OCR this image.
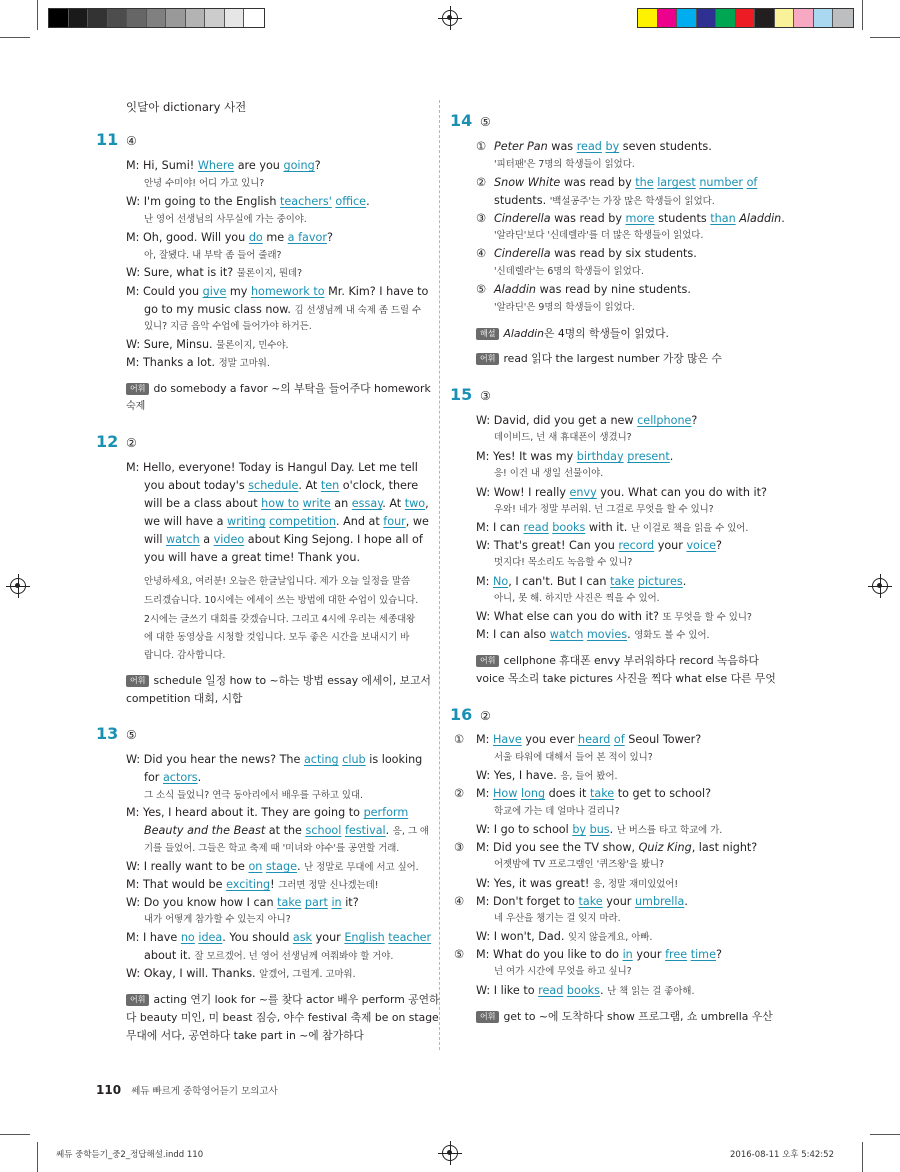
잇달아 dictionary 사전
11 ④
M: Hi, Sumi! Where are you going?
안녕 수미야! 어디 가고 있니?
W: I'm going to the English teachers' office.
난 영어 선생님의 사무실에 가는 중이야.
M: Oh, good. Will you do me a favor?
아, 잘됐다. 내 부탁 좀 들어 줄래?
W: Sure, what is it? 물론이지, 뭔데?
M: Could you give my homework to Mr. Kim? I have to
go to my music class now. 김 선생님께 내 숙제 좀 드릴 수
있니? 지금 음악 수업에 들어가야 하거든.
W: Sure, Minsu. 물론이지, 민수야.
M: Thanks a lot. 정말 고마워.
어휘 do somebody a favor ~의 부탁을 들어주다 homework
숙제
12 ②
M: Hello, everyone! Today is Hangul Day. Let me tell
you about today's schedule. At ten o'clock, there
will be a class about how to write an essay. At two,
we will have a writing competition. And at four, we
will watch a video about King Sejong. I hope all of
you will have a great time! Thank you.
안녕하세요, 여러분! 오늘은 한글날입니다. 제가 오늘 일정을 말씀
드리겠습니다. 10시에는 에세이 쓰는 방법에 대한 수업이 있습니다.
2시에는 글쓰기 대회를 갖겠습니다. 그리고 4시에 우리는 세종대왕
에 대한 동영상을 시청할 것입니다. 모두 좋은 시간을 보내시기 바
랍니다. 감사합니다.
어휘 schedule 일정 how to ~하는 방법 essay 에세이, 보고서
competition 대회, 시합
13 ⑤
W: Did you hear the news? The acting club is looking
for actors.
그 소식 들었니? 연극 동아리에서 배우를 구하고 있대.
M: Yes, I heard about it. They are going to perform
Beauty and the Beast at the school festival. 응, 그 얘
기를 들었어. 그들은 학교 축제 때 '미녀와 야수'를 공연할 거래.
W: I really want to be on stage. 난 정말로 무대에 서고 싶어.
M: That would be exciting! 그러면 정말 신나겠는데!
W: Do you know how I can take part in it?
내가 어떻게 참가할 수 있는지 아니?
M: I have no idea. You should ask your English teacher
about it. 잘 모르겠어. 넌 영어 선생님께 여쭤봐야 할 거야.
W: Okay, I will. Thanks. 알겠어, 그럴게. 고마워.
어휘 acting 연기 look for ~를 찾다 actor 배우 perform 공연하
다 beauty 미인, 미 beast 짐승, 야수 festival 축제 be on stage
무대에 서다, 공연하다 take part in ~에 참가하다
14 ⑤
① Peter Pan was read by seven students.
'피터팬'은 7명의 학생들이 읽었다.
② Snow White was read by the largest number of
students. '백설공주'는 가장 많은 학생들이 읽었다.
③ Cinderella was read by more students than Aladdin.
'알라딘'보다 '신데렐라'를 더 많은 학생들이 읽었다.
④ Cinderella was read by six students.
'신데렐라'는 6명의 학생들이 읽었다.
⑤ Aladdin was read by nine students.
'알라딘'은 9명의 학생들이 읽었다.
해설 Aladdin은 4명의 학생들이 읽었다.
어휘 read 읽다 the largest number 가장 많은 수
15 ③
W: David, did you get a new cellphone?
데이비드, 넌 새 휴대폰이 생겼니?
M: Yes! It was my birthday present.
응! 이건 내 생일 선물이야.
W: Wow! I really envy you. What can you do with it?
우와! 네가 정말 부러워. 넌 그걸로 무엇을 할 수 있니?
M: I can read books with it. 난 이걸로 책을 읽을 수 있어.
W: That's great! Can you record your voice?
멋지다! 목소리도 녹음할 수 있니?
M: No, I can't. But I can take pictures.
아니, 못 해. 하지만 사진은 찍을 수 있어.
W: What else can you do with it? 또 무엇을 할 수 있니?
M: I can also watch movies. 영화도 볼 수 있어.
어휘 cellphone 휴대폰 envy 부러워하다 record 녹음하다
voice 목소리 take pictures 사진을 찍다 what else 다른 무엇
16 ②
① M: Have you ever heard of Seoul Tower?
서울 타워에 대해서 들어 본 적이 있니?
W: Yes, I have. 응, 들어 봤어.
② M: How long does it take to get to school?
학교에 가는 데 얼마나 걸리니?
W: I go to school by bus. 난 버스를 타고 학교에 가.
③ M: Did you see the TV show, Quiz King, last night?
어젯밤에 TV 프로그램인 '퀴즈왕'을 봤니?
W: Yes, it was great! 응, 정말 재미있었어!
④ M: Don't forget to take your umbrella.
네 우산을 챙기는 걸 잊지 마라.
W: I won't, Dad. 잊지 않을게요, 아빠.
⑤ M: What do you like to do in your free time?
넌 여가 시간에 무엇을 하고 싶니?
W: I like to read books. 난 책 읽는 걸 좋아해.
어휘 get to ~에 도착하다 show 프로그램, 쇼 umbrella 우산
110 쎄듀 빠르게 중학영어듣기 모의고사
쎄듀 중학듣기_중2_정답해설.indd 110	2016-08-11 오후 5:42:52
